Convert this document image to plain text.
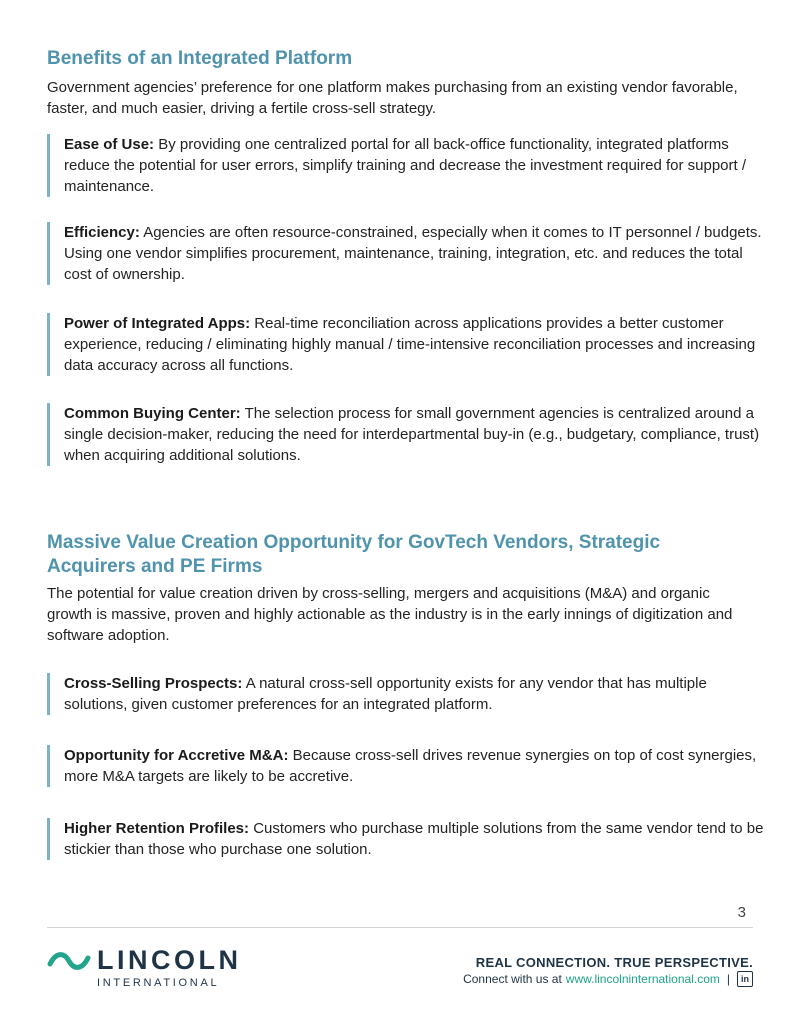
Benefits of an Integrated Platform

Government agencies’ preference for one platform makes purchasing from an existing vendor favorable, faster, and much easier, driving a fertile cross-sell strategy.

Ease of Use: By providing one centralized portal for all back-office functionality, integrated platforms reduce the potential for user errors, simplify training and decrease the investment required for support / maintenance.
Efficiency: Agencies are often resource-constrained, especially when it comes to IT personnel / budgets. Using one vendor simplifies procurement, maintenance, training, integration, etc. and reduces the total cost of ownership.
Power of Integrated Apps: Real-time reconciliation across applications provides a better customer experience, reducing / eliminating highly manual / time-intensive reconciliation processes and increasing data accuracy across all functions.
Common Buying Center: The selection process for small government agencies is centralized around a single decision-maker, reducing the need for interdepartmental buy-in (e.g., budgetary, compliance, trust) when acquiring additional solutions.
Massive Value Creation Opportunity for GovTech Vendors, Strategic Acquirers and PE Firms

The potential for value creation driven by cross-selling, mergers and acquisitions (M&A) and organic growth is massive, proven and highly actionable as the industry is in the early innings of digitization and software adoption.

Cross-Selling Prospects: A natural cross-sell opportunity exists for any vendor that has multiple solutions, given customer preferences for an integrated platform.
Opportunity for Accretive M&A: Because cross-sell drives revenue synergies on top of cost synergies, more M&A targets are likely to be accretive.
Higher Retention Profiles: Customers who purchase multiple solutions from the same vendor tend to be stickier than those who purchase one solution.
3
LINCOLN
INTERNATIONAL
REAL CONNECTION. TRUE PERSPECTIVE.
Connect with us at www.lincolninternational.com |	in
